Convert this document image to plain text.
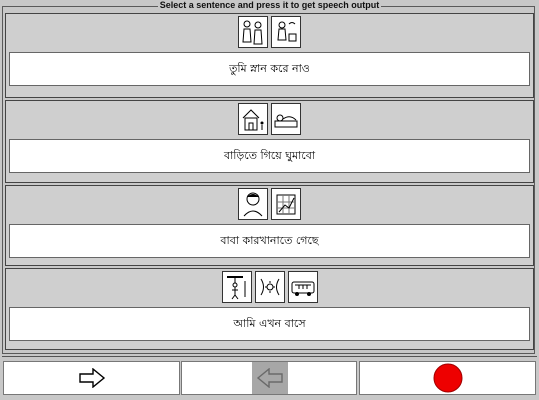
Select a sentence and press it to get speech output
তুমি স্নান করে নাও
বাড়িতে গিয়ে ঘুমাবো
বাবা কারখানাতে গেছে
আমি এখন বাসে
